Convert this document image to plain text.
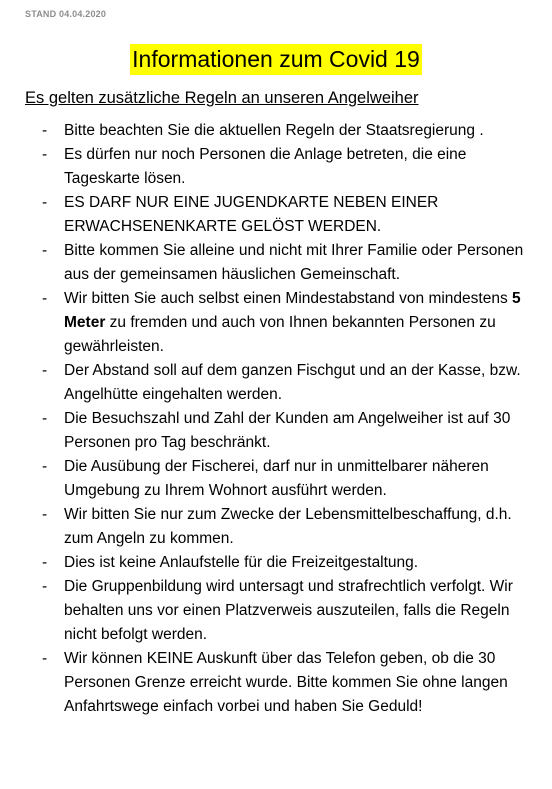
STAND 04.04.2020
Informationen zum Covid 19
Es gelten zusätzliche Regeln an unseren Angelweiher
- Bitte beachten Sie die aktuellen Regeln der Staatsregierung .
- Es dürfen nur noch Personen die Anlage betreten, die eine Tageskarte lösen.
- ES DARF NUR EINE JUGENDKARTE NEBEN EINER ERWACHSENENKARTE GELÖST WERDEN.
- Bitte kommen Sie alleine und nicht mit Ihrer Familie oder Personen aus der gemeinsamen häuslichen Gemeinschaft.
- Wir bitten Sie auch selbst einen Mindestabstand von mindestens 5 Meter zu fremden und auch von Ihnen bekannten Personen zu gewährleisten.
- Der Abstand soll auf dem ganzen Fischgut und an der Kasse, bzw. Angelhütte eingehalten werden.
- Die Besuchszahl und Zahl der Kunden am Angelweiher ist auf 30 Personen pro Tag beschränkt.
- Die Ausübung der Fischerei, darf nur in unmittelbarer näheren Umgebung zu Ihrem Wohnort ausführt werden.
- Wir bitten Sie nur zum Zwecke der Lebensmittelbeschaffung, d.h. zum Angeln zu kommen.
- Dies ist keine Anlaufstelle für die Freizeitgestaltung.
- Die Gruppenbildung wird untersagt und strafrechtlich verfolgt. Wir behalten uns vor einen Platzverweis auszuteilen, falls die Regeln nicht befolgt werden.
- Wir können KEINE Auskunft über das Telefon geben, ob die 30 Personen Grenze erreicht wurde. Bitte kommen Sie ohne langen Anfahrtswege einfach vorbei und haben Sie Geduld!
